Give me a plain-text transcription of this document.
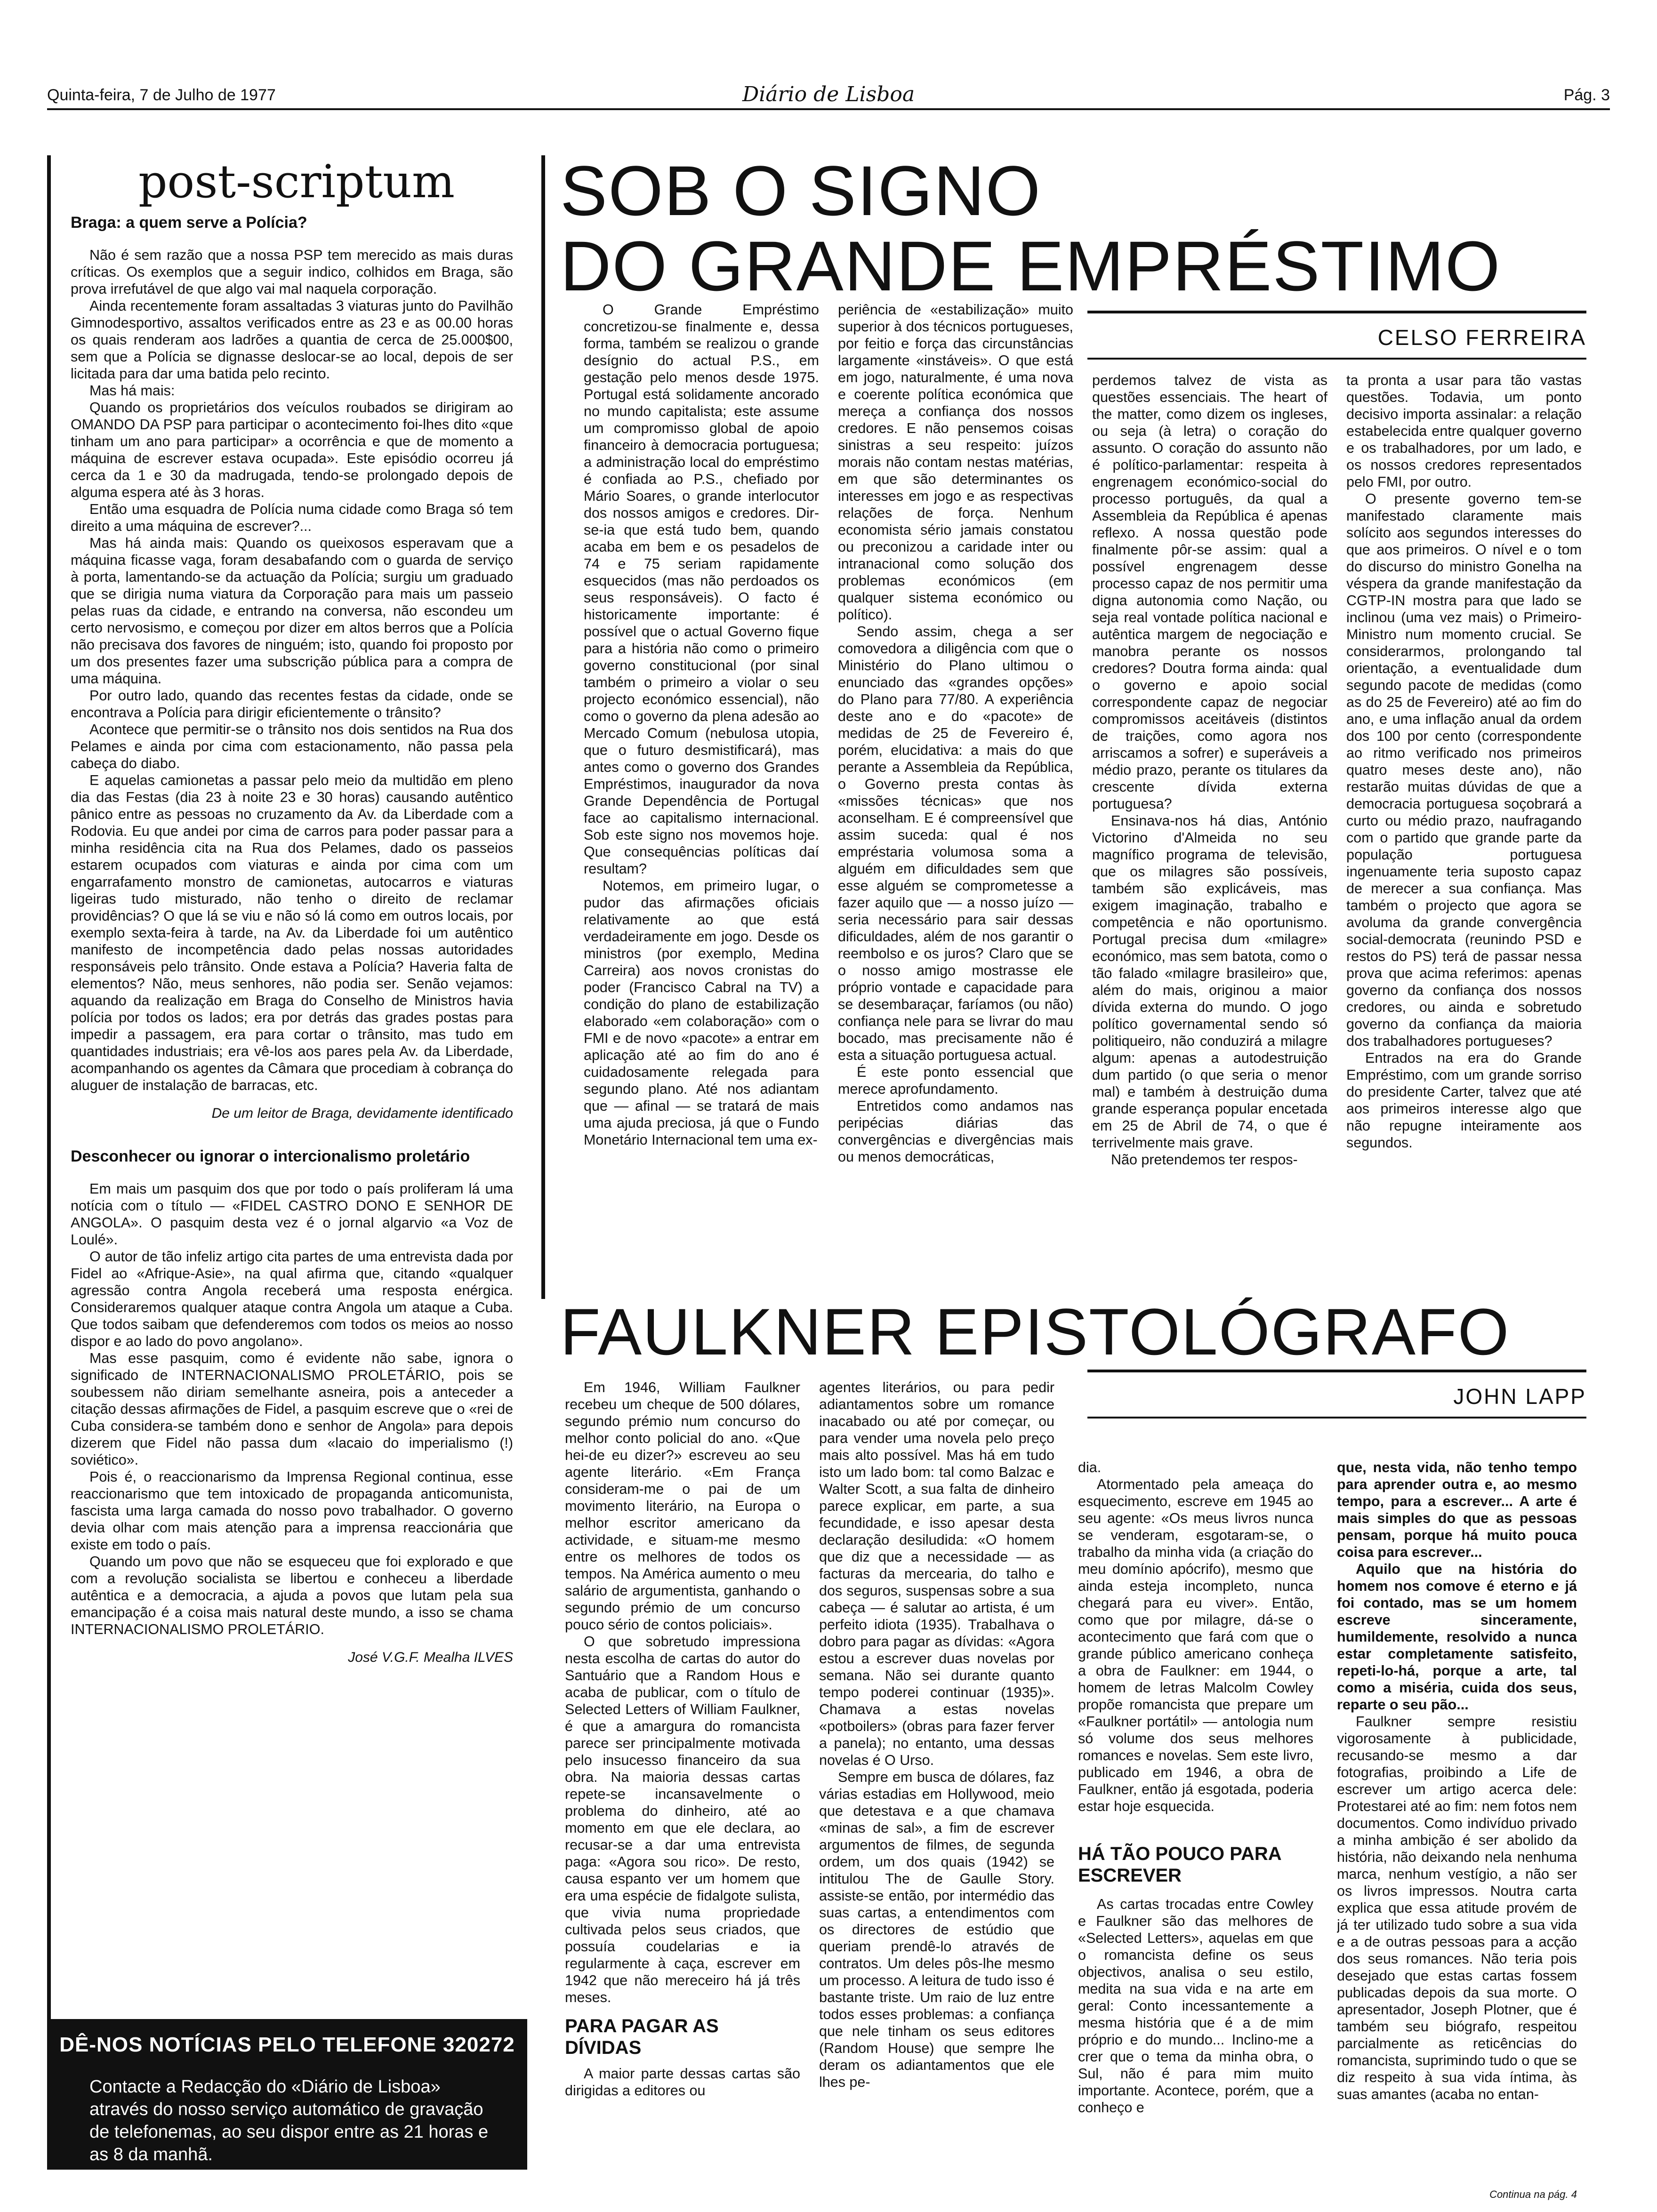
Quinta-feira, 7 de Julho de 1977	Diário de Lisboa	Pág. 3
post-scriptum
Braga: a quem serve a Polícia?

Não é sem razão que a nossa PSP tem merecido as mais duras críticas. Os exemplos que a seguir indico, colhidos em Braga, são prova irrefutável de que algo vai mal naquela corporação.

Ainda recentemente foram assaltadas 3 viaturas junto do Pavilhão Gimnodesportivo, assaltos verificados entre as 23 e as 00.00 horas os quais renderam aos ladrões a quantia de cerca de 25.000$00, sem que a Polícia se dignasse deslocar-se ao local, depois de ser licitada para dar uma batida pelo recinto.

Mas há mais:

Quando os proprietários dos veículos roubados se dirigiram ao OMANDO DA PSP para participar o acontecimento foi-lhes dito «que tinham um ano para participar» a ocorrência e que de momento a máquina de escrever estava ocupada». Este episódio ocorreu já cerca da 1 e 30 da madrugada, tendo-se prolongado depois de alguma espera até às 3 horas.

Então uma esquadra de Polícia numa cidade como Braga só tem direito a uma máquina de escrever?...

Mas há ainda mais: Quando os queixosos esperavam que a máquina ficasse vaga, foram desabafando com o guarda de serviço à porta, lamentando-se da actuação da Polícia; surgiu um graduado que se dirigia numa viatura da Corporação para mais um passeio pelas ruas da cidade, e entrando na conversa, não escondeu um certo nervosismo, e começou por dizer em altos berros que a Polícia não precisava dos favores de ninguém; isto, quando foi proposto por um dos presentes fazer uma subscrição pública para a compra de uma máquina.

Por outro lado, quando das recentes festas da cidade, onde se encontrava a Polícia para dirigir eficientemente o trânsito?

Acontece que permitir-se o trânsito nos dois sentidos na Rua dos Pelames e ainda por cima com estacionamento, não passa pela cabeça do diabo.

E aquelas camionetas a passar pelo meio da multidão em pleno dia das Festas (dia 23 à noite 23 e 30 horas) causando autêntico pânico entre as pessoas no cruzamento da Av. da Liberdade com a Rodovia. Eu que andei por cima de carros para poder passar para a minha residência cita na Rua dos Pelames, dado os passeios estarem ocupados com viaturas e ainda por cima com um engarrafamento monstro de camionetas, autocarros e viaturas ligeiras tudo misturado, não tenho o direito de reclamar providências? O que lá se viu e não só lá como em outros locais, por exemplo sexta-feira à tarde, na Av. da Liberdade foi um autêntico manifesto de incompetência dado pelas nossas autoridades responsáveis pelo trânsito. Onde estava a Polícia? Haveria falta de elementos? Não, meus senhores, não podia ser. Senão vejamos: aquando da realização em Braga do Conselho de Ministros havia polícia por todos os lados; era por detrás das grades postas para impedir a passagem, era para cortar o trânsito, mas tudo em quantidades industriais; era vê-los aos pares pela Av. da Liberdade, acompanhando os agentes da Câmara que procediam à cobrança do aluguer de instalação de barracas, etc.

De um leitor de Braga, devidamente identificado
Desconhecer ou ignorar o intercionalismo proletário

Em mais um pasquim dos que por todo o país proliferam lá uma notícia com o título — «FIDEL CASTRO DONO E SENHOR DE ANGOLA». O pasquim desta vez é o jornal algarvio «a Voz de Loulé».

O autor de tão infeliz artigo cita partes de uma entrevista dada por Fidel ao «Afrique-Asie», na qual afirma que, citando «qualquer agressão contra Angola receberá uma resposta enérgica. Consideraremos qualquer ataque contra Angola um ataque a Cuba. Que todos saibam que defenderemos com todos os meios ao nosso dispor e ao lado do povo angolano».

Mas esse pasquim, como é evidente não sabe, ignora o significado de INTERNACIONALISMO PROLETÁRIO, pois se soubessem não diriam semelhante asneira, pois a anteceder a citação dessas afirmações de Fidel, a pasquim escreve que o «rei de Cuba considera-se também dono e senhor de Angola» para depois dizerem que Fidel não passa dum «lacaio do imperialismo (!) soviético».

Pois é, o reaccionarismo da Imprensa Regional continua, esse reaccionarismo que tem intoxicado de propaganda anticomunista, fascista uma larga camada do nosso povo trabalhador. O governo devia olhar com mais atenção para a imprensa reaccionária que existe em todo o país.

Quando um povo que não se esqueceu que foi explorado e que com a revolução socialista se libertou e conheceu a liberdade autêntica e a democracia, a ajuda a povos que lutam pela sua emancipação é a coisa mais natural deste mundo, a isso se chama INTERNACIONALISMO PROLETÁRIO.

José V.G.F. Mealha ILVES
DÊ-NOS NOTÍCIAS PELO TELEFONE 320272
Contacte a Redacção do «Diário de Lisboa» através do nosso serviço automático de gravação de telefonemas, ao seu dispor entre as 21 horas e as 8 da manhã.
SOB O SIGNO
DO GRANDE EMPRÉSTIMO
CELSO FERREIRA

O Grande Empréstimo concretizou-se finalmente e, dessa forma, também se realizou o grande desígnio do actual P.S., em gestação pelo menos desde 1975. Portugal está solidamente ancorado no mundo capitalista; este assume um compromisso global de apoio financeiro à democracia portuguesa; a administração local do empréstimo é confiada ao P.S., chefiado por Mário Soares, o grande interlocutor dos nossos amigos e credores. Dir-se-ia que está tudo bem, quando acaba em bem e os pesadelos de 74 e 75 seriam rapidamente esquecidos (mas não perdoados os seus responsáveis). O facto é historicamente importante: é possível que o actual Governo fique para a história não como o primeiro governo constitucional (por sinal também o primeiro a violar o seu projecto económico essencial), não como o governo da plena adesão ao Mercado Comum (nebulosa utopia, que o futuro desmistificará), mas antes como o governo dos Grandes Empréstimos, inaugurador da nova Grande Dependência de Portugal face ao capitalismo internacional. Sob este signo nos movemos hoje. Que consequências políticas daí resultam?

Notemos, em primeiro lugar, o pudor das afirmações oficiais relativamente ao que está verdadeiramente em jogo. Desde os ministros (por exemplo, Medina Carreira) aos novos cronistas do poder (Francisco Cabral na TV) a condição do plano de estabilização elaborado «em colaboração» com o FMI e de novo «pacote» a entrar em aplicação até ao fim do ano é cuidadosamente relegada para segundo plano. Até nos adiantam que — afinal — se tratará de mais uma ajuda preciosa, já que o Fundo Monetário Internacional tem uma ex-

periência de «estabilização» muito superior à dos técnicos portugueses, por feitio e força das circunstâncias largamente «instáveis». O que está em jogo, naturalmente, é uma nova e coerente política económica que mereça a confiança dos nossos credores. E não pensemos coisas sinistras a seu respeito: juízos morais não contam nestas matérias, em que são determinantes os interesses em jogo e as respectivas relações de força. Nenhum economista sério jamais constatou ou preconizou a caridade inter ou intranacional como solução dos problemas económicos (em qualquer sistema económico ou político).

Sendo assim, chega a ser comovedora a diligência com que o Ministério do Plano ultimou o enunciado das «grandes opções» do Plano para 77/80. A experiência deste ano e do «pacote» de medidas de 25 de Fevereiro é, porém, elucidativa: a mais do que perante a Assembleia da República, o Governo presta contas às «missões técnicas» que nos aconselham. E é compreensível que assim suceda: qual é nos empréstaria volumosa soma a alguém em dificuldades sem que esse alguém se comprometesse a fazer aquilo que — a nosso juízo — seria necessário para sair dessas dificuldades, além de nos garantir o reembolso e os juros? Claro que se o nosso amigo mostrasse ele próprio vontade e capacidade para se desembaraçar, faríamos (ou não) confiança nele para se livrar do mau bocado, mas precisamente não é esta a situação portuguesa actual.

É este ponto essencial que merece aprofundamento.

Entretidos como andamos nas peripécias diárias das convergências e divergências mais ou menos democráticas,

perdemos talvez de vista as questões essenciais. The heart of the matter, como dizem os ingleses, ou seja (à letra) o coração do assunto. O coração do assunto não é político-parlamentar: respeita à engrenagem económico-social do processo português, da qual a Assembleia da República é apenas reflexo. A nossa questão pode finalmente pôr-se assim: qual a possível engrenagem desse processo capaz de nos permitir uma digna autonomia como Nação, ou seja real vontade política nacional e autêntica margem de negociação e manobra perante os nossos credores? Doutra forma ainda: qual o governo e apoio social correspondente capaz de negociar compromissos aceitáveis (distintos de traições, como agora nos arriscamos a sofrer) e superáveis a médio prazo, perante os titulares da crescente dívida externa portuguesa?

Ensinava-nos há dias, António Victorino d'Almeida no seu magnífico programa de televisão, que os milagres são possíveis, também são explicáveis, mas exigem imaginação, trabalho e competência e não oportunismo. Portugal precisa dum «milagre» económico, mas sem batota, como o tão falado «milagre brasileiro» que, além do mais, originou a maior dívida externa do mundo. O jogo político governamental sendo só politiqueiro, não conduzirá a milagre algum: apenas a autodestruição dum partido (o que seria o menor mal) e também à destruição duma grande esperança popular encetada em 25 de Abril de 74, o que é terrivelmente mais grave.

Não pretendemos ter respos-

ta pronta a usar para tão vastas questões. Todavia, um ponto decisivo importa assinalar: a relação estabelecida entre qualquer governo e os trabalhadores, por um lado, e os nossos credores representados pelo FMI, por outro.

O presente governo tem-se manifestado claramente mais solícito aos segundos interesses do que aos primeiros. O nível e o tom do discurso do ministro Gonelha na véspera da grande manifestação da CGTP-IN mostra para que lado se inclinou (uma vez mais) o Primeiro-Ministro num momento crucial. Se considerarmos, prolongando tal orientação, a eventualidade dum segundo pacote de medidas (como as do 25 de Fevereiro) até ao fim do ano, e uma inflação anual da ordem dos 100 por cento (correspondente ao ritmo verificado nos primeiros quatro meses deste ano), não restarão muitas dúvidas de que a democracia portuguesa soçobrará a curto ou médio prazo, naufragando com o partido que grande parte da população portuguesa ingenuamente teria suposto capaz de merecer a sua confiança. Mas também o projecto que agora se avoluma da grande convergência social-democrata (reunindo PSD e restos do PS) terá de passar nessa prova que acima referimos: apenas governo da confiança dos nossos credores, ou ainda e sobretudo governo da confiança da maioria dos trabalhadores portugueses?

Entrados na era do Grande Empréstimo, com um grande sorriso do presidente Carter, talvez que até aos primeiros interesse algo que não repugne inteiramente aos segundos.

FAULKNER EPISTOLÓGRAFO
JOHN LAPP

Em 1946, William Faulkner recebeu um cheque de 500 dólares, segundo prémio num concurso do melhor conto policial do ano. «Que hei-de eu dizer?» escreveu ao seu agente literário. «Em França consideram-me o pai de um movimento literário, na Europa o melhor escritor americano da actividade, e situam-me mesmo entre os melhores de todos os tempos. Na América aumento o meu salário de argumentista, ganhando o segundo prémio de um concurso pouco sério de contos policiais».

O que sobretudo impressiona nesta escolha de cartas do autor do Santuário que a Random Hous e acaba de publicar, com o título de Selected Letters of William Faulkner, é que a amargura do romancista parece ser principalmente motivada pelo insucesso financeiro da sua obra. Na maioria dessas cartas repete-se incansavelmente o problema do dinheiro, até ao momento em que ele declara, ao recusar-se a dar uma entrevista paga: «Agora sou rico». De resto, causa espanto ver um homem que era uma espécie de fidalgote sulista, que vivia numa propriedade cultivada pelos seus criados, que possuía coudelarias e ia regularmente à caça, escrever em 1942 que não mereceiro há já três meses.

PARA PAGAR AS DÍVIDAS

A maior parte dessas cartas são dirigidas a editores ou

agentes literários, ou para pedir adiantamentos sobre um romance inacabado ou até por começar, ou para vender uma novela pelo preço mais alto possível. Mas há em tudo isto um lado bom: tal como Balzac e Walter Scott, a sua falta de dinheiro parece explicar, em parte, a sua fecundidade, e isso apesar desta declaração desiludida: «O homem que diz que a necessidade — as facturas da mercearia, do talho e dos seguros, suspensas sobre a sua cabeça — é salutar ao artista, é um perfeito idiota (1935). Trabalhava o dobro para pagar as dívidas: «Agora estou a escrever duas novelas por semana. Não sei durante quanto tempo poderei continuar (1935)». Chamava a estas novelas «potboilers» (obras para fazer ferver a panela); no entanto, uma dessas novelas é O Urso.

Sempre em busca de dólares, faz várias estadias em Hollywood, meio que detestava e a que chamava «minas de sal», a fim de escrever argumentos de filmes, de segunda ordem, um dos quais (1942) se intitulou The de Gaulle Story. assiste-se então, por intermédio das suas cartas, a entendimentos com os directores de estúdio que queriam prendê-lo através de contratos. Um deles pôs-lhe mesmo um processo. A leitura de tudo isso é bastante triste. Um raio de luz entre todos esses problemas: a confiança que nele tinham os seus editores (Random House) que sempre lhe deram os adiantamentos que ele lhes pe-

dia.

Atormentado pela ameaça do esquecimento, escreve em 1945 ao seu agente: «Os meus livros nunca se venderam, esgotaram-se, o trabalho da minha vida (a criação do meu domínio apócrifo), mesmo que ainda esteja incompleto, nunca chegará para eu viver». Então, como que por milagre, dá-se o acontecimento que fará com que o grande público americano conheça a obra de Faulkner: em 1944, o homem de letras Malcolm Cowley propõe romancista que prepare um «Faulkner portátil» — antologia num só volume dos seus melhores romances e novelas. Sem este livro, publicado em 1946, a obra de Faulkner, então já esgotada, poderia estar hoje esquecida.

HÁ TÃO POUCO PARA ESCREVER

As cartas trocadas entre Cowley e Faulkner são das melhores de «Selected Letters», aquelas em que o romancista define os seus objectivos, analisa o seu estilo, medita na sua vida e na arte em geral: Conto incessantemente a mesma história que é a de mim próprio e do mundo... Inclino-me a crer que o tema da minha obra, o Sul, não é para mim muito importante. Acontece, porém, que a conheço e

que, nesta vida, não tenho tempo para aprender outra e, ao mesmo tempo, para a escrever... A arte é mais simples do que as pessoas pensam, porque há muito pouca coisa para escrever...

Aquilo que na história do homem nos comove é eterno e já foi contado, mas se um homem escreve sinceramente, humildemente, resolvido a nunca estar completamente satisfeito, repeti-lo-há, porque a arte, tal como a miséria, cuida dos seus, reparte o seu pão...

Faulkner sempre resistiu vigorosamente à publicidade, recusando-se mesmo a dar fotografias, proibindo a Life de escrever um artigo acerca dele: Protestarei até ao fim: nem fotos nem documentos. Como indivíduo privado a minha ambição é ser abolido da história, não deixando nela nenhuma marca, nenhum vestígio, a não ser os livros impressos. Noutra carta explica que essa atitude provém de já ter utilizado tudo sobre a sua vida e a de outras pessoas para a acção dos seus romances. Não teria pois desejado que estas cartas fossem publicadas depois da sua morte. O apresentador, Joseph Plotner, que é também seu biógrafo, respeitou parcialmente as reticências do romancista, suprimindo tudo o que se diz respeito à sua vida íntima, às suas amantes (acaba no entan-

Continua na pág. 4
